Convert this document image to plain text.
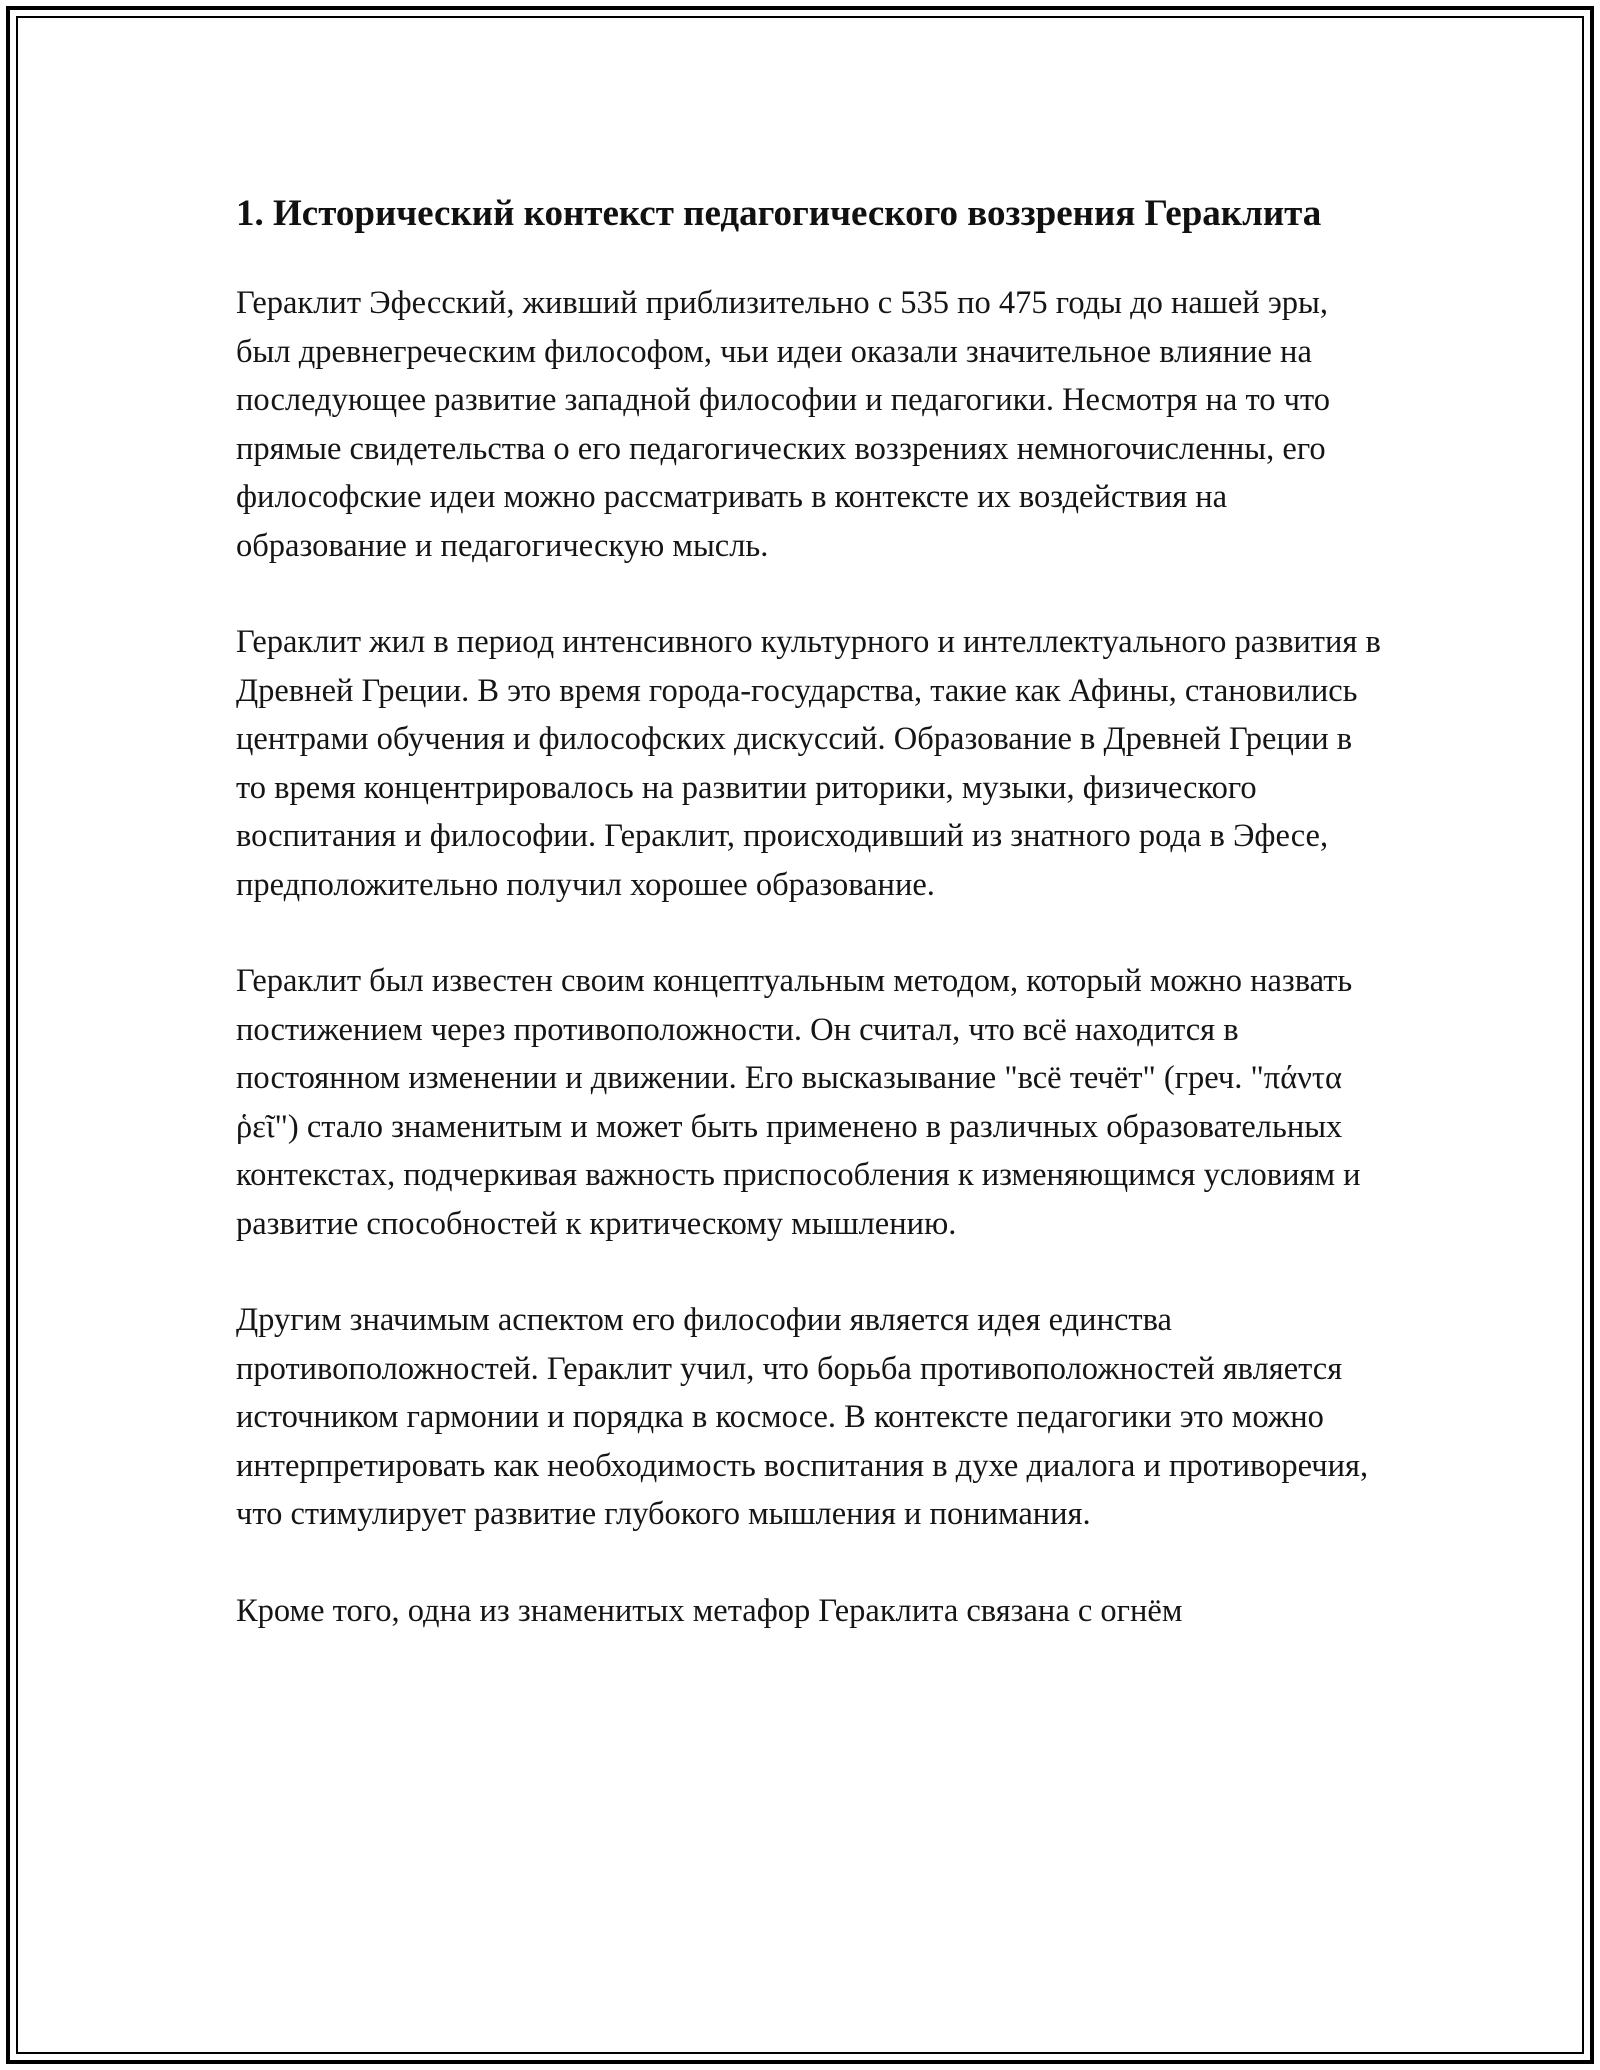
1. Исторический контекст педагогического воззрения Гераклита

Гераклит Эфесский, живший приблизительно с 535 по 475 годы до нашей эры, был древнегреческим философом, чьи идеи оказали значительное влияние на последующее развитие западной философии и педагогики. Несмотря на то что прямые свидетельства о его педагогических воззрениях немногочисленны, его философские идеи можно рассматривать в контексте их воздействия на образование и педагогическую мысль.

Гераклит жил в период интенсивного культурного и интеллектуального развития в Древней Греции. В это время города-государства, такие как Афины, становились центрами обучения и философских дискуссий. Образование в Древней Греции в то время концентрировалось на развитии риторики, музыки, физического воспитания и философии. Гераклит, происходивший из знатного рода в Эфесе, предположительно получил хорошее образование.

Гераклит был известен своим концептуальным методом, который можно назвать постижением через противоположности. Он считал, что всё находится в постоянном изменении и движении. Его высказывание "всё течёт" (греч. "πάντα ῥεῖ") стало знаменитым и может быть применено в различных образовательных контекстах, подчеркивая важность приспособления к изменяющимся условиям и развитие способностей к критическому мышлению.

Другим значимым аспектом его философии является идея единства противоположностей. Гераклит учил, что борьба противоположностей является источником гармонии и порядка в космосе. В контексте педагогики это можно интерпретировать как необходимость воспитания в духе диалога и противоречия, что стимулирует развитие глубокого мышления и понимания.

Кроме того, одна из знаменитых метафор Гераклита связана с огнём
